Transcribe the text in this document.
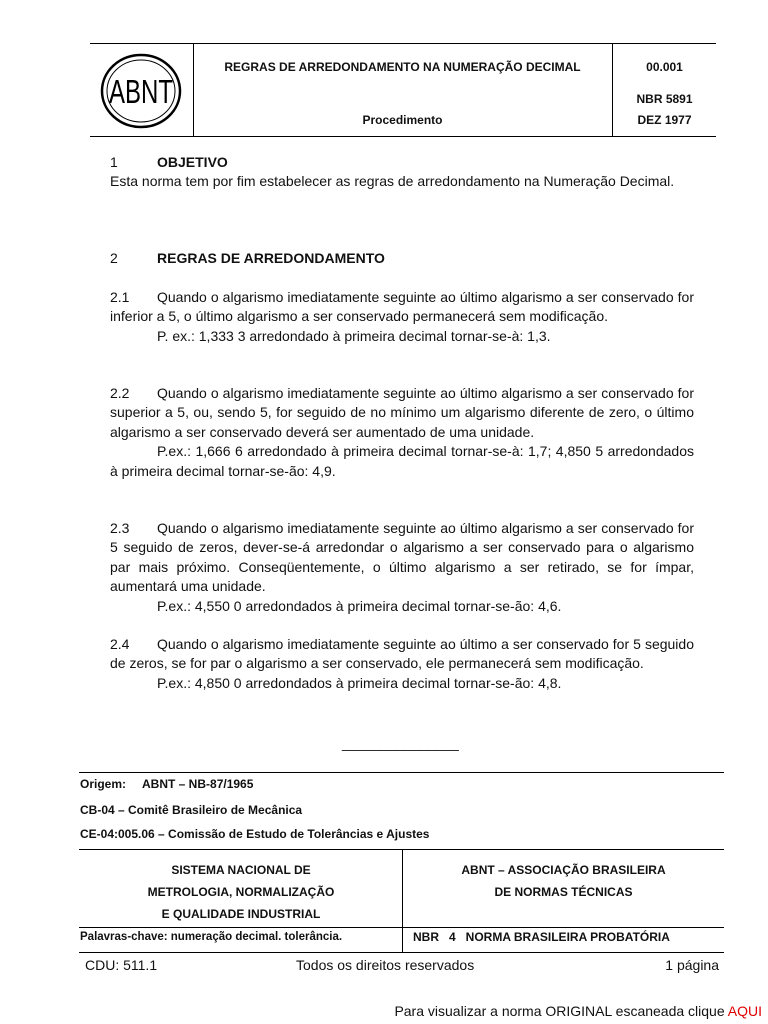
ABNT
REGRAS DE ARREDONDAMENTO NA NUMERAÇÃO DECIMAL
Procedimento
00.001
NBR 5891
DEZ 1977
1	OBJETIVO
Esta norma tem por fim estabelecer as regras de arredondamento na Numeração Decimal.
2	REGRAS DE ARREDONDAMENTO
2.1 Quando o algarismo imediatamente seguinte ao último algarismo a ser conservado for inferior a 5, o último algarismo a ser conservado permanecerá sem modificação.
P. ex.: 1,333 3 arredondado à primeira decimal tornar-se-à: 1,3.
2.2 Quando o algarismo imediatamente seguinte ao último algarismo a ser conservado for superior a 5, ou, sendo 5, for seguido de no mínimo um algarismo diferente de zero, o último algarismo a ser conservado deverá ser aumentado de uma unidade.
P.ex.: 1,666 6 arredondado à primeira decimal tornar-se-à: 1,7; 4,850 5 arredondados à primeira decimal tornar-se-ão: 4,9.
2.3 Quando o algarismo imediatamente seguinte ao último algarismo a ser conservado for 5 seguido de zeros, dever-se-á arredondar o algarismo a ser conservado para o algarismo par mais próximo. Conseqüentemente, o último algarismo a ser retirado, se for ímpar, aumentará uma unidade.
P.ex.: 4,550 0 arredondados à primeira decimal tornar-se-ão: 4,6.
2.4 Quando o algarismo imediatamente seguinte ao último a ser conservado for 5 seguido de zeros, se for par o algarismo a ser conservado, ele permanecerá sem modificação.
P.ex.: 4,850 0 arredondados à primeira decimal tornar-se-ão: 4,8.
_______________
Origem: ABNT – NB-87/1965
CB-04 – Comitê Brasileiro de Mecânica
CE-04:005.06 – Comissão de Estudo de Tolerâncias e Ajustes
SISTEMA NACIONAL DE
METROLOGIA, NORMALIZAÇÃO
E QUALIDADE INDUSTRIAL
ABNT – ASSOCIAÇÃO BRASILEIRA
DE NORMAS TÉCNICAS
Palavras-chave: numeração decimal. tolerância.	NBR   4   NORMA BRASILEIRA PROBATÓRIA
CDU: 511.1	Todos os direitos reservados	1 página
Para visualizar a norma ORIGINAL escaneada clique AQUI
